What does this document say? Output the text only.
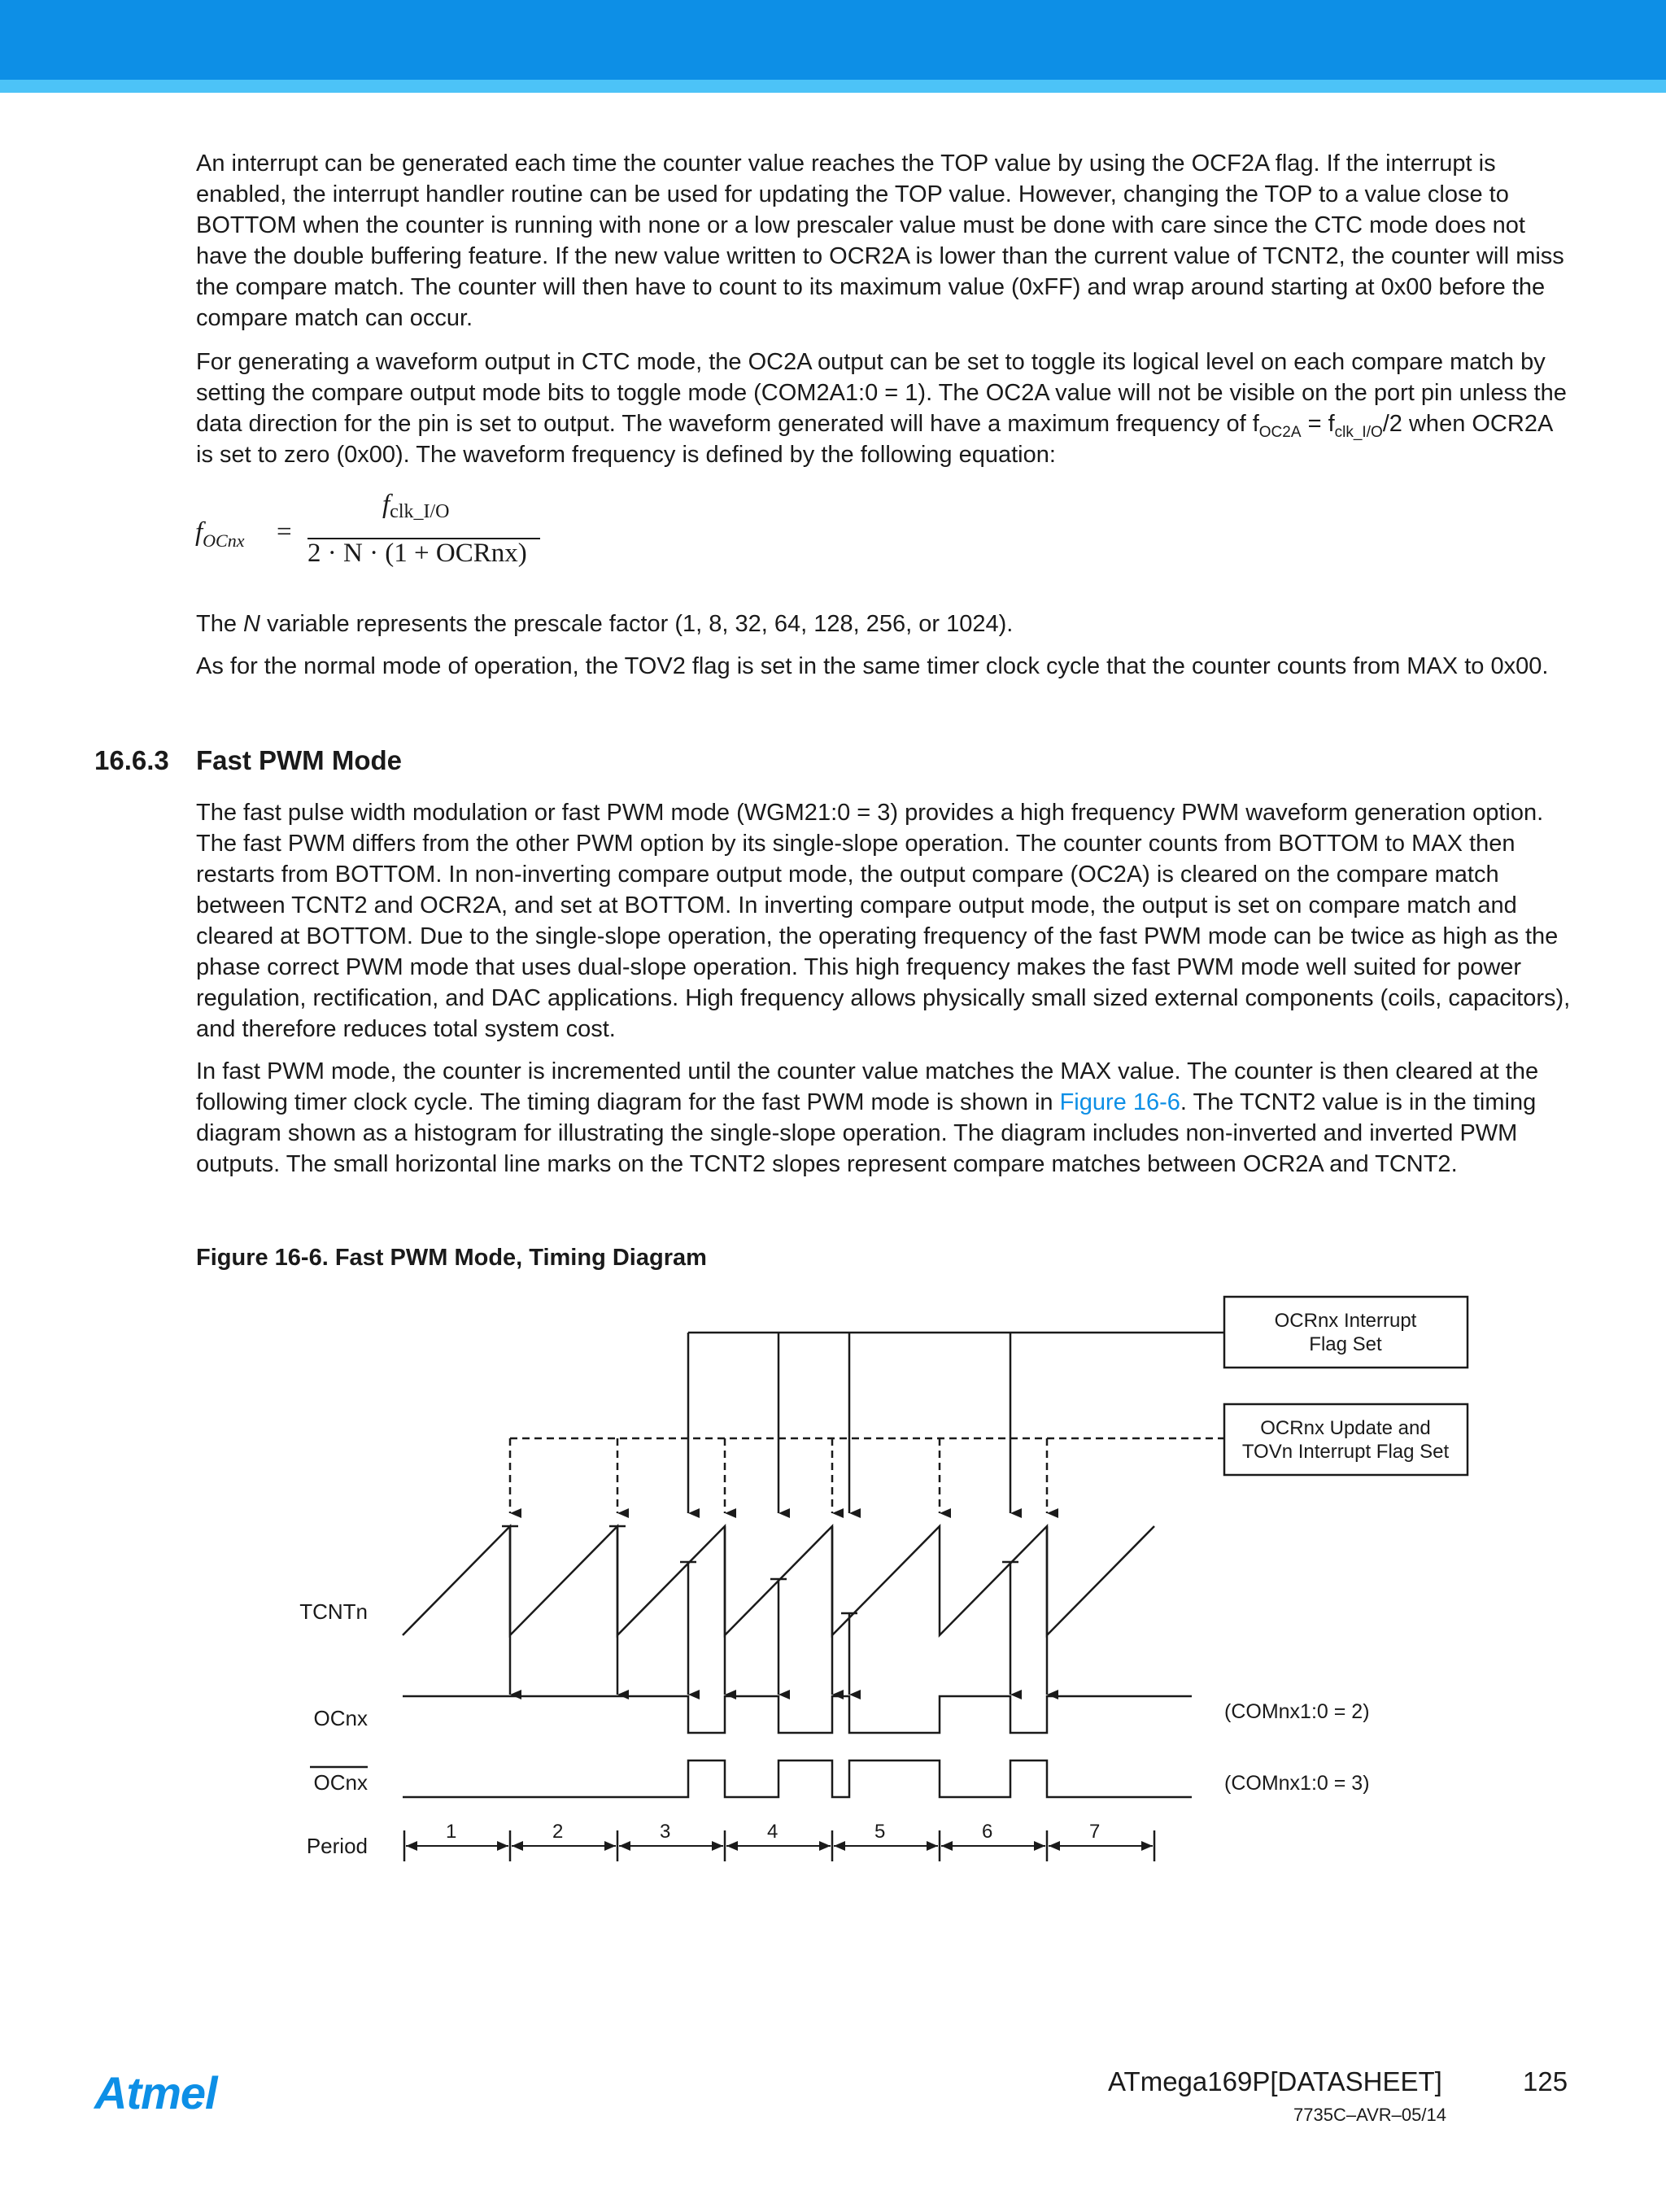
An interrupt can be generated each time the counter value reaches the TOP value by using the OCF2A flag. If the interrupt is enabled, the interrupt handler routine can be used for updating the TOP value. However, changing the TOP to a value close to BOTTOM when the counter is running with none or a low prescaler value must be done with care since the CTC mode does not have the double buffering feature. If the new value written to OCR2A is lower than the current value of TCNT2, the counter will miss the compare match. The counter will then have to count to its maximum value (0xFF) and wrap around starting at 0x00 before the compare match can occur.

For generating a waveform output in CTC mode, the OC2A output can be set to toggle its logical level on each compare match by setting the compare output mode bits to toggle mode (COM2A1:0 = 1). The OC2A value will not be visible on the port pin unless the data direction for the pin is set to output. The waveform generated will have a maximum frequency of $f_{OC2A} = f_{clk\_I/O}/2$ when OCR2A is set to zero (0x00). The waveform frequency is defined by the following equation:

$f_{OCnx}$ =
$f_{clk\_I/O}$
2 · N · (1 + OCRnx)

The N variable represents the prescale factor (1, 8, 32, 64, 128, 256, or 1024).

As for the normal mode of operation, the TOV2 flag is set in the same timer clock cycle that the counter counts from MAX to 0x00.

16.6.3 Fast PWM Mode

The fast pulse width modulation or fast PWM mode (WGM21:0 = 3) provides a high frequency PWM waveform generation option. The fast PWM differs from the other PWM option by its single-slope operation. The counter counts from BOTTOM to MAX then restarts from BOTTOM. In non-inverting compare output mode, the output compare (OC2A) is cleared on the compare match between TCNT2 and OCR2A, and set at BOTTOM. In inverting compare output mode, the output is set on compare match and cleared at BOTTOM. Due to the single-slope operation, the operating frequency of the fast PWM mode can be twice as high as the phase correct PWM mode that uses dual-slope operation. This high frequency makes the fast PWM mode well suited for power regulation, rectification, and DAC applications. High frequency allows physically small sized external components (coils, capacitors), and therefore reduces total system cost.

In fast PWM mode, the counter is incremented until the counter value matches the MAX value. The counter is then cleared at the following timer clock cycle. The timing diagram for the fast PWM mode is shown in Figure 16-6. The TCNT2 value is in the timing diagram shown as a histogram for illustrating the single-slope operation. The diagram includes non-inverted and inverted PWM outputs. The small horizontal line marks on the TCNT2 slopes represent compare matches between OCR2A and TCNT2.

Figure 16-6. Fast PWM Mode, Timing Diagram
OCRnx Interrupt
Flag Set
OCRnx Update and
TOVn Interrupt Flag Set
TCNTn
OCnx
OCnx
Period
(COMnx1:0 = 2)
(COMnx1:0 = 3)
1	2	3	4	5	6	7
Atmel	ATmega169P[DATASHEET]	125
7735C–AVR–05/14
